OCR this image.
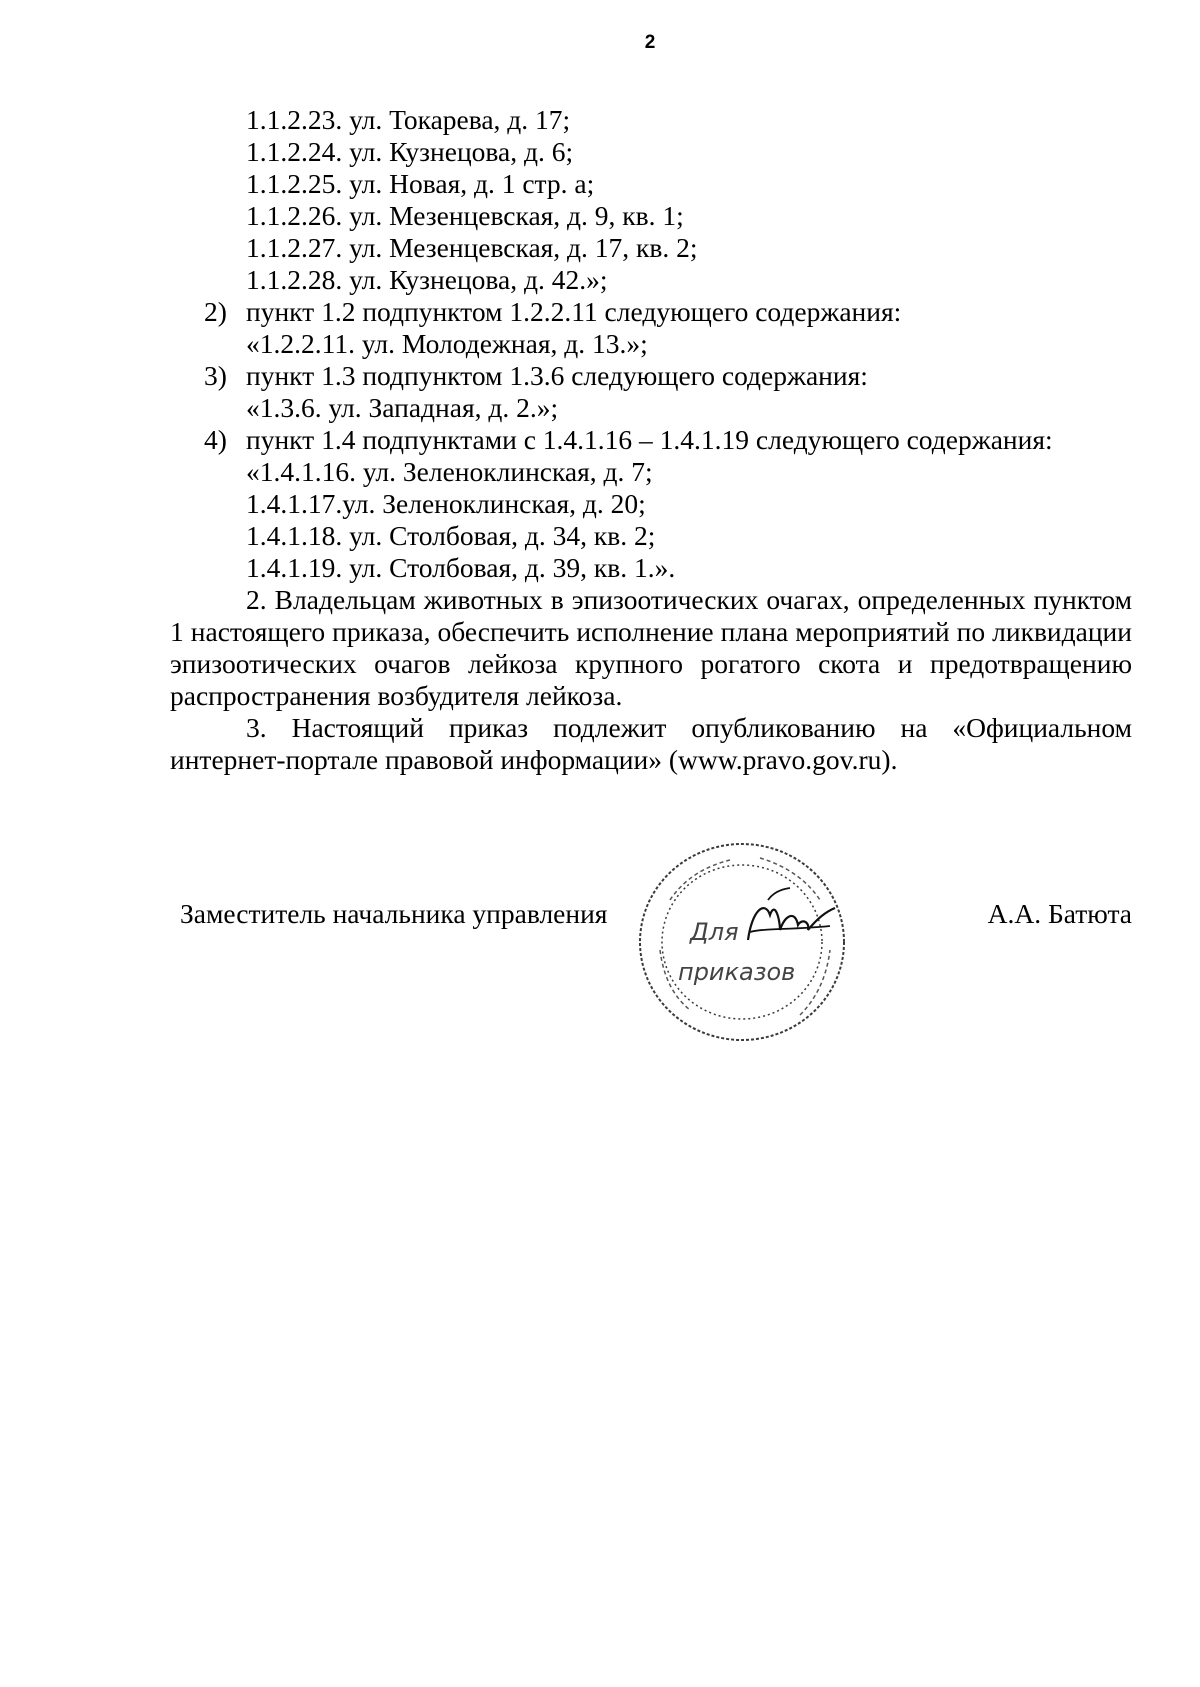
2
1.1.2.23. ул. Токарева, д. 17;
1.1.2.24. ул. Кузнецова, д. 6;
1.1.2.25. ул. Новая, д. 1 стр. а;
1.1.2.26. ул. Мезенцевская, д. 9, кв. 1;
1.1.2.27. ул. Мезенцевская, д. 17, кв. 2;
1.1.2.28. ул. Кузнецова, д. 42.»;
2) пункт 1.2 подпунктом 1.2.2.11 следующего содержания:
«1.2.2.11. ул. Молодежная, д. 13.»;
3) пункт 1.3 подпунктом 1.3.6 следующего содержания:
«1.3.6. ул. Западная, д. 2.»;
4) пункт 1.4 подпунктами с 1.4.1.16 – 1.4.1.19 следующего содержания:
«1.4.1.16. ул. Зеленоклинская, д. 7;
1.4.1.17.ул. Зеленоклинская, д. 20;
1.4.1.18. ул. Столбовая, д. 34, кв. 2;
1.4.1.19. ул. Столбовая, д. 39, кв. 1.».

2. Владельцам животных в эпизоотических очагах, определенных пунктом 1 настоящего приказа, обеспечить исполнение плана мероприятий по ликвидации эпизоотических очагов лейкоза крупного рогатого скота и предотвращению распространения возбудителя лейкоза.

3. Настоящий приказ подлежит опубликованию на «Официальном интернет-портале правовой информации» (www.pravo.gov.ru).

Заместитель начальника управления	А.А. Батюта
Для
приказов
